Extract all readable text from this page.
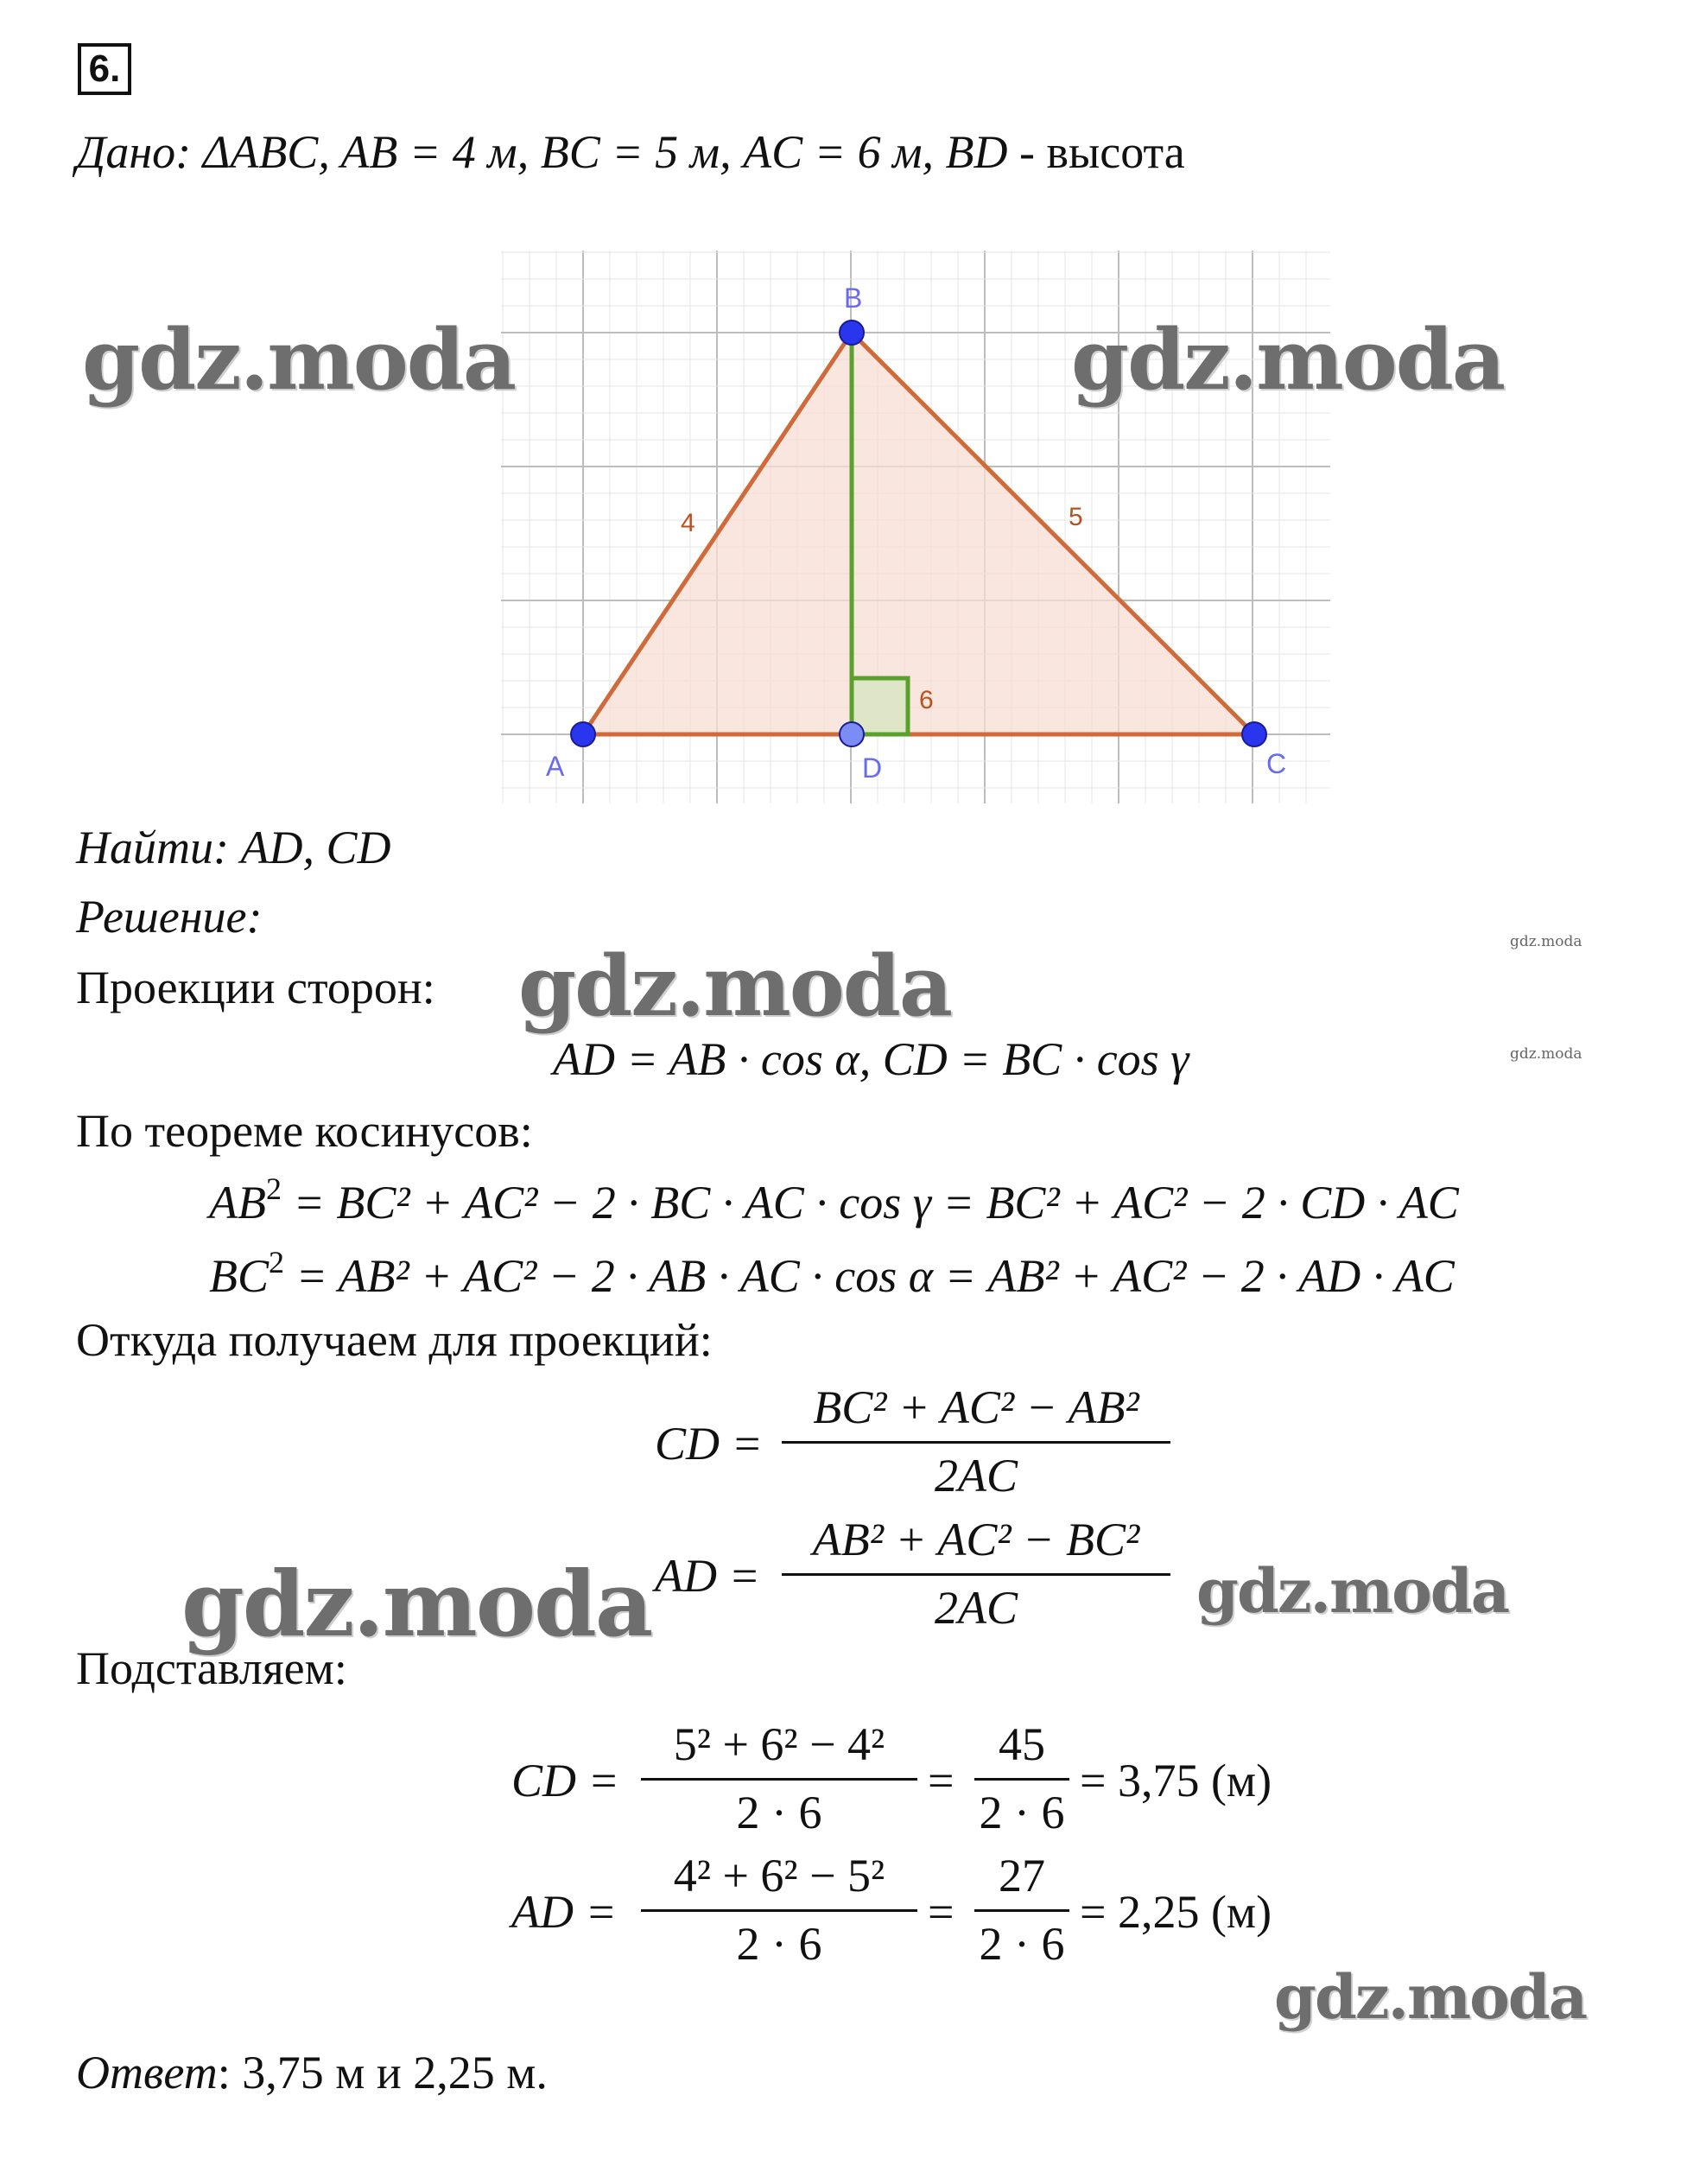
6.
Дано: ΔABC, AB = 4 м, BC = 5 м, AC = 6 м, BD - высота
A
B
C
D
4	5
6
Найти: AD, CD
Решение:
Проекции сторон:
AD = AB · cos α, CD = BC · cos γ
По теореме косинусов:
$AB^2 = BC^2 + AC^2 - 2$ · BC · AC · cos γ = BC² + AC² − 2 · CD · AC
$BC^2 = AB^2 + AC^2 - 2$ · AB · AC · cos α = AB² + AC² − 2 · AD · AC
Откуда получаем для проекций:
CD =
BC² + AC² − AB²
2AC
AD =
AB² + AC² − BC²
2AC
Подставляем:
CD =
5² + 6² − 4²
2 · 6
=
45
2 · 6
= 3,75 (м)
AD =
4² + 6² − 5²
2 · 6
=
27
2 · 6
= 2,25 (м)
Ответ: 3,75 м и 2,25 м.
gdz.moda	gdz.moda
gdz.moda
gdz.moda	gdz.moda
gdz.moda
gdz.moda
gdz.moda
